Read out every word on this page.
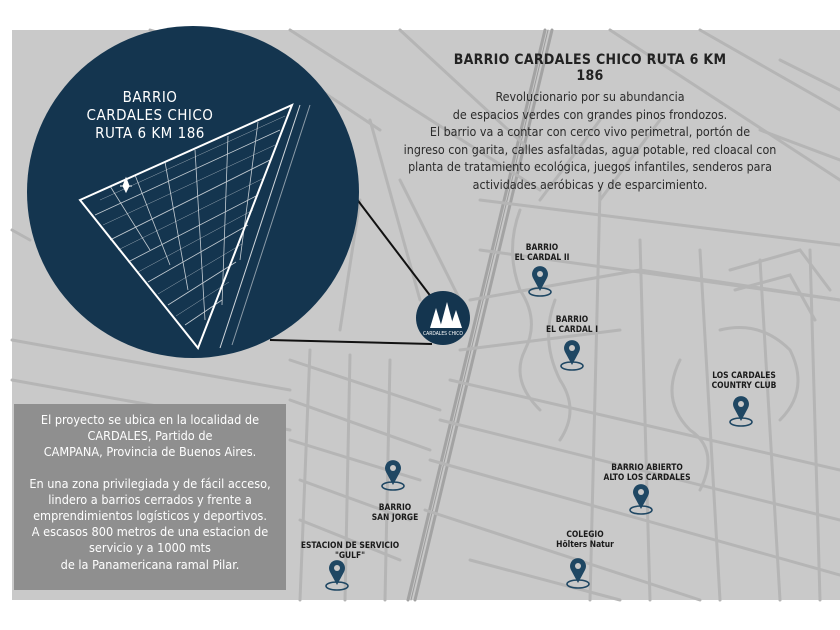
CARDALES CHICO
BARRIO
CARDALES CHICO
RUTA 6 KM 186
BARRIO CARDALES CHICO RUTA 6 KM 186
Revolucionario por su abundancia
de espacios verdes con grandes pinos frondozos.
El barrio va a contar con cerco vivo perimetral, portón de
ingreso con garita, calles asfaltadas, agua potable, red cloacal con
planta de tratamiento ecológica, juegos infantiles, senderos para
actividades aeróbicas y de esparcimiento.
El proyecto se ubica en la localidad de
CARDALES, Partido de
CAMPANA, Provincia de Buenos Aires.
En una zona privilegiada y de fácil acceso,
lindero a barrios cerrados y frente a
emprendimientos logísticos y deportivos.
A escasos 800 metros de una estacion de
servicio y a 1000 mts
de la Panamericana ramal Pilar.
BARRIO
EL CARDAL II
BARRIO
EL CARDAL I
LOS CARDALES
COUNTRY CLUB
BARRIO ABIERTO
ALTO LOS CARDALES
BARRIO
SAN JORGE
COLEGIO
Hölters Natur
ESTACION DE SERVICIO
"GULF"
